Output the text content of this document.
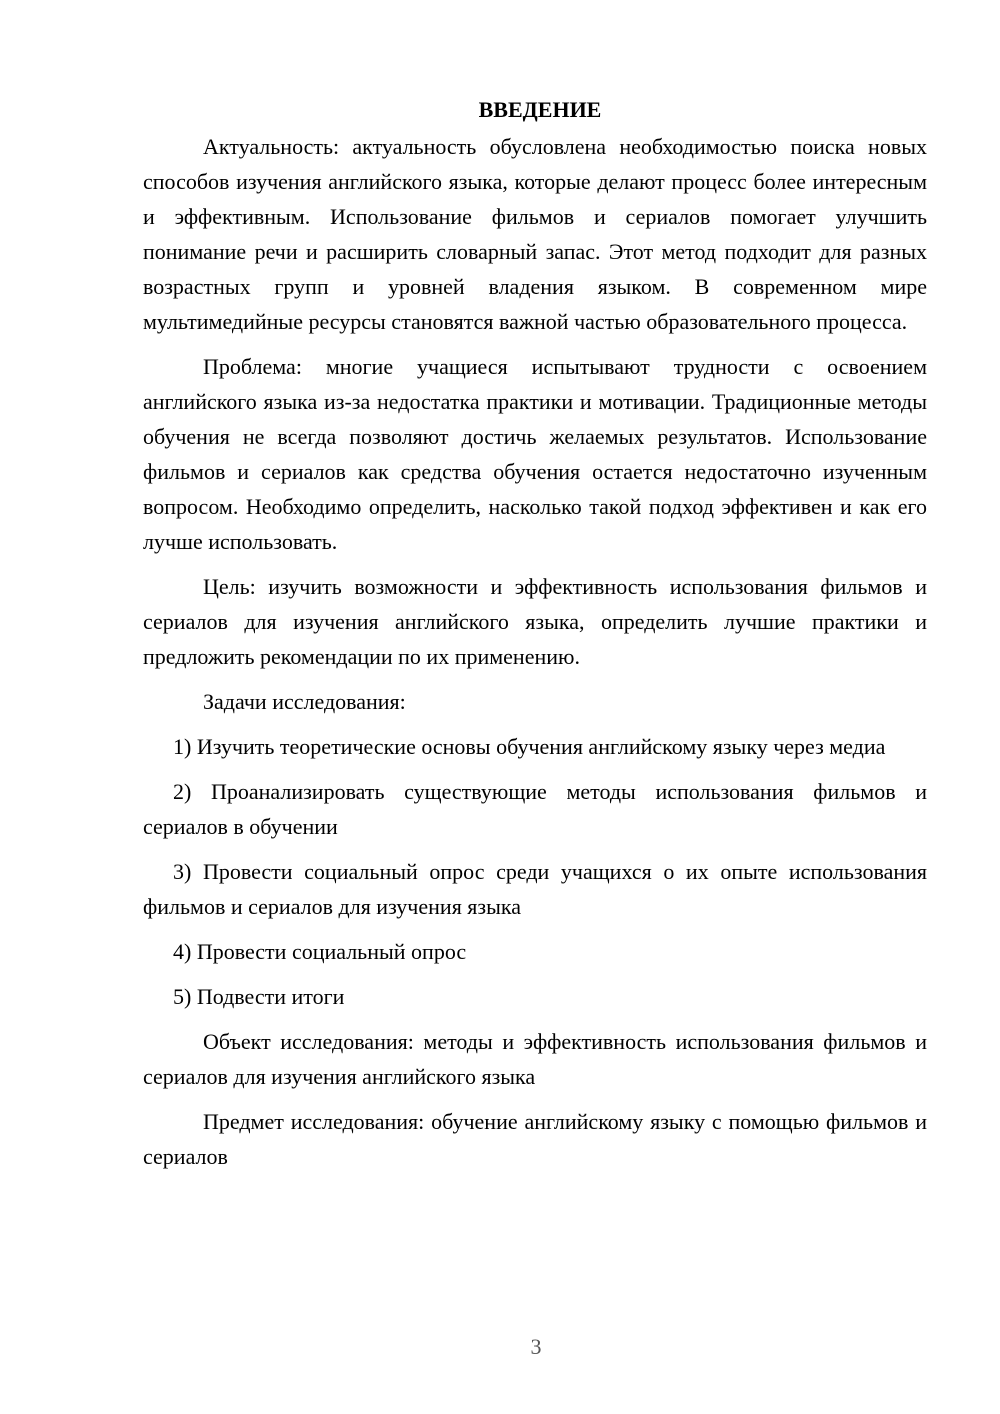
ВВЕДЕНИЕ

Актуальность: актуальность обусловлена необходимостью поиска новых способов изучения английского языка, которые делают процесс более интересным и эффективным. Использование фильмов и сериалов помогает улучшить понимание речи и расширить словарный запас. Этот метод подходит для разных возрастных групп и уровней владения языком. В современном мире мультимедийные ресурсы становятся важной частью образовательного процесса.

Проблема: многие учащиеся испытывают трудности с освоением английского языка из-за недостатка практики и мотивации. Традиционные методы обучения не всегда позволяют достичь желаемых результатов. Использование фильмов и сериалов как средства обучения остается недостаточно изученным вопросом. Необходимо определить, насколько такой подход эффективен и как его лучше использовать.

Цель: изучить возможности и эффективность использования фильмов и сериалов для изучения английского языка, определить лучшие практики и предложить рекомендации по их применению.

Задачи исследования:

1) Изучить теоретические основы обучения английскому языку через медиа

2) Проанализировать существующие методы использования фильмов и сериалов в обучении

3) Провести социальный опрос среди учащихся о их опыте использования фильмов и сериалов для изучения языка

4) Провести социальный опрос

5) Подвести итоги

Объект исследования: методы и эффективность использования фильмов и сериалов для изучения английского языка

Предмет исследования: обучение английскому языку с помощью фильмов и сериалов

3
